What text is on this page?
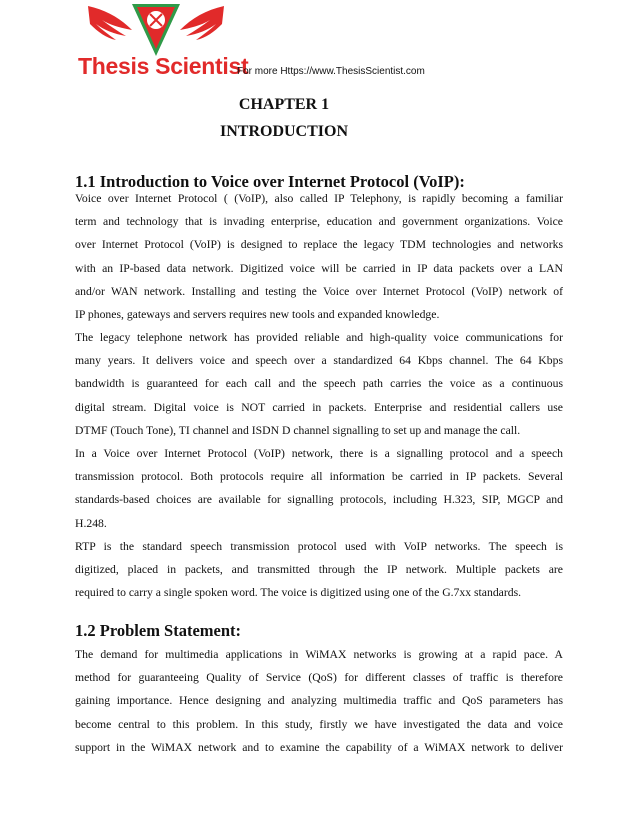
Thesis Scientist
For more Https://www.ThesisScientist.com
CHAPTER 1
INTRODUCTION
1.1 Introduction to Voice over Internet Protocol (VoIP):
Voice over Internet Protocol ( (VoIP), also called IP Telephony, is rapidly becoming a familiar
term and technology that is invading enterprise, education and government organizations. Voice
over Internet Protocol (VoIP) is designed to replace the legacy TDM technologies and networks
with an IP-based data network. Digitized voice will be carried in IP data packets over a LAN
and/or WAN network. Installing and testing the Voice over Internet Protocol (VoIP) network of
IP phones, gateways and servers requires new tools and expanded knowledge.
The legacy telephone network has provided reliable and high-quality voice communications for
many years. It delivers voice and speech over a standardized 64 Kbps channel. The 64 Kbps
bandwidth is guaranteed for each call and the speech path carries the voice as a continuous
digital stream. Digital voice is NOT carried in packets. Enterprise and residential callers use
DTMF (Touch Tone), TI channel and ISDN D channel signalling to set up and manage the call.
In a Voice over Internet Protocol (VoIP) network, there is a signalling protocol and a speech
transmission protocol. Both protocols require all information be carried in IP packets. Several
standards-based choices are available for signalling protocols, including H.323, SIP, MGCP and
H.248.
RTP is the standard speech transmission protocol used with VoIP networks. The speech is
digitized, placed in packets, and transmitted through the IP network. Multiple packets are
required to carry a single spoken word. The voice is digitized using one of the G.7xx standards.
1.2 Problem Statement:
The demand for multimedia applications in WiMAX networks is growing at a rapid pace. A
method for guaranteeing Quality of Service (QoS) for different classes of traffic is therefore
gaining importance. Hence designing and analyzing multimedia traffic and QoS parameters has
become central to this problem. In this study, firstly we have investigated the data and voice
support in the WiMAX network and to examine the capability of a WiMAX network to deliver
